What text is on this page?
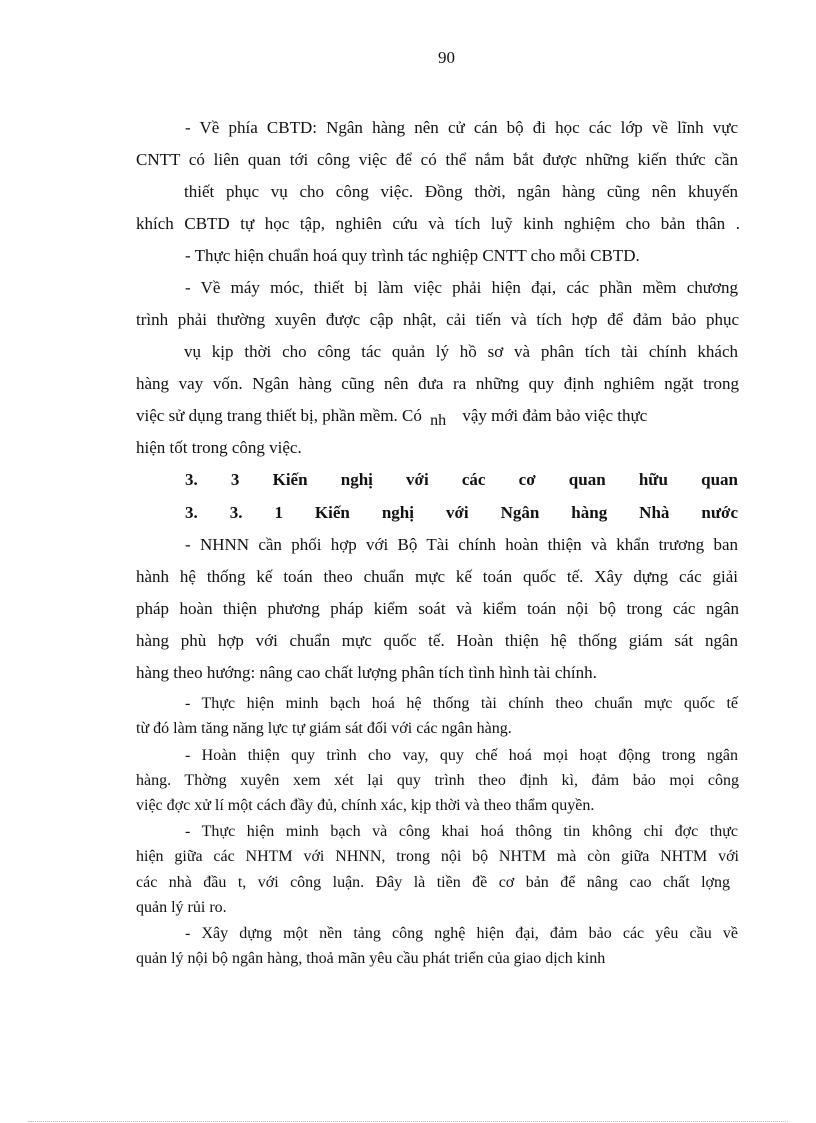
90
- Về phía CBTD: Ngân hàng nên cử cán bộ đi học các lớp về lĩnh vực
CNTT có liên quan tới công việc để có thể nắm bắt được những kiến thức cần
thiết phục vụ cho công việc. Đồng thời, ngân hàng cũng nên khuyến
khích CBTD tự học tập, nghiên cứu và tích luỹ kinh nghiệm cho bản thân .
- Thực hiện chuẩn hoá quy trình tác nghiệp CNTT cho mỗi CBTD.
- Về máy móc, thiết bị làm việc phải hiện đại, các phần mềm chương
trình phải thường xuyên được cập nhật, cải tiến và tích hợp để đảm bảo phục
vụ kịp thời cho công tác quản lý hồ sơ và phân tích tài chính khách
hàng vay vốn. Ngân hàng cũng nên đưa ra những quy định nghiêm ngặt trong
việc sử dụng trang thiết bị, phần mềm. Có nh vậy mới đảm bảo việc thực
hiện tốt trong công việc.
3. 3 Kiến nghị với các cơ quan hữu quan
3. 3. 1 Kiến nghị với Ngân hàng Nhà nước
- NHNN cần phối hợp với Bộ Tài chính hoàn thiện và khẩn trương ban
hành hệ thống kế toán theo chuẩn mực kế toán quốc tế. Xây dựng các giải
pháp hoàn thiện phương pháp kiểm soát và kiểm toán nội bộ trong các ngân
hàng phù hợp với chuẩn mực quốc tế. Hoàn thiện hệ thống giám sát ngân
hàng theo hướng: nâng cao chất lượng phân tích tình hình tài chính.
- Thực hiện minh bạch hoá hệ thống tài chính theo chuẩn mực quốc tế
từ đó làm tăng năng lực tự giám sát đối với các ngân hàng.
- Hoàn thiện quy trình cho vay, quy chế hoá mọi hoạt động trong ngân
hàng. Thờng xuyên xem xét lại quy trình theo định kì, đảm bảo mọi công
việc đợc xử lí một cách đầy đủ, chính xác, kịp thời và theo thẩm quyền.
- Thực hiện minh bạch và công khai hoá thông tin không chỉ đợc thực
hiện giữa các NHTM với NHNN, trong nội bộ NHTM mà còn giữa NHTM với
các nhà đầu t, với công luận. Đây là tiền đề cơ bản để nâng cao chất lợng
quản lý rủi ro.
- Xây dựng một nền tảng công nghệ hiện đại, đảm bảo các yêu cầu về
quản lý nội bộ ngân hàng, thoả mãn yêu cầu phát triển của giao dịch kinh
